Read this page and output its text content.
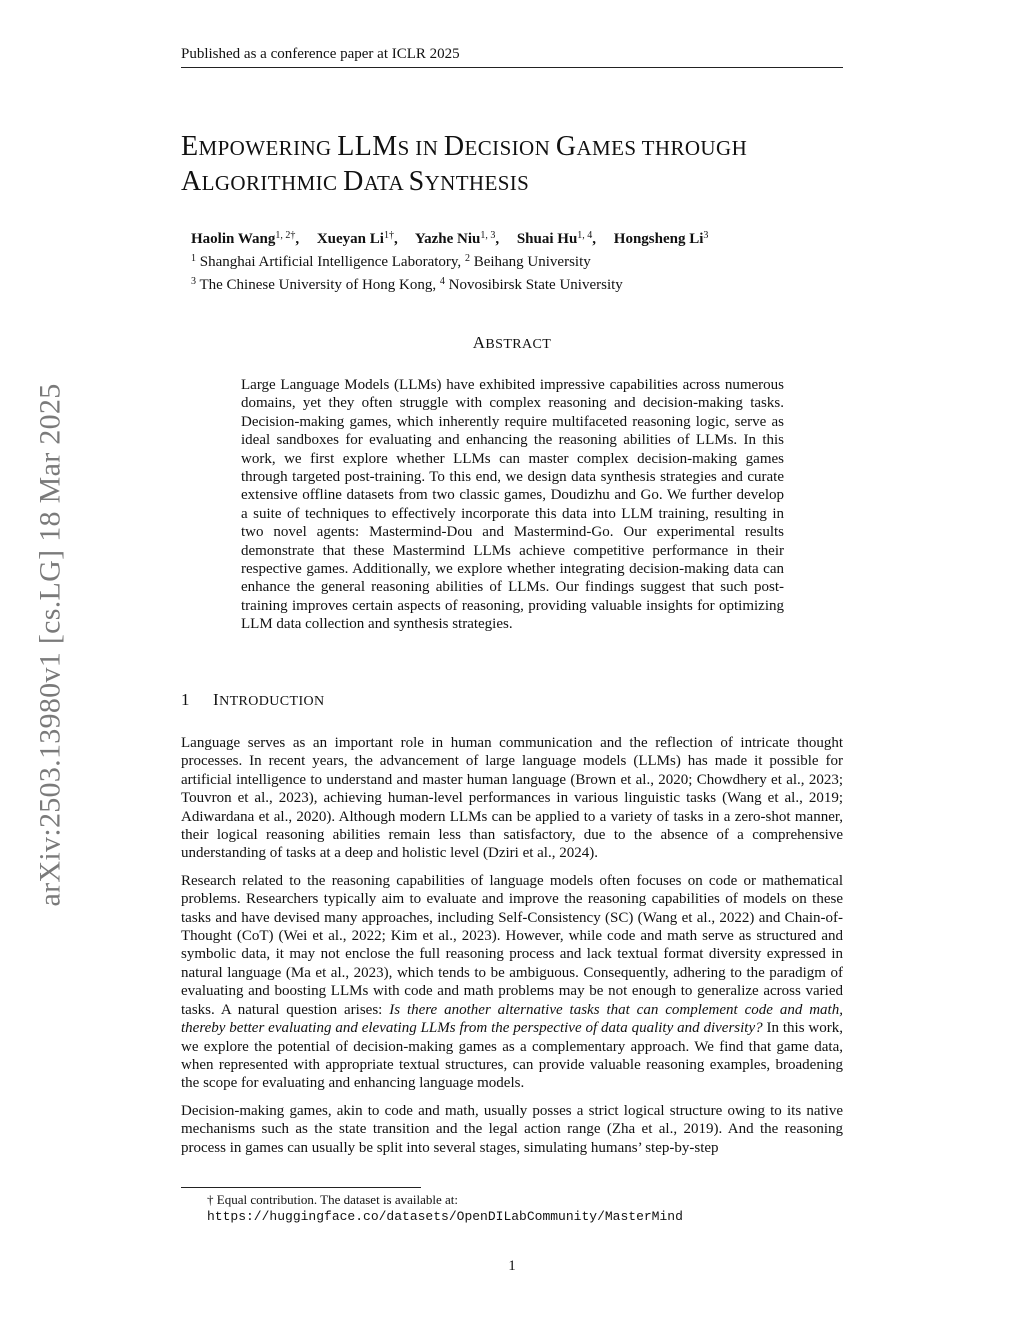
Published as a conference paper at ICLR 2025
arXiv:2503.13980v1 [cs.LG] 18 Mar 2025
EMPOWERING LLMS IN DECISION GAMES THROUGH
ALGORITHMIC DATA SYNTHESIS
Haolin Wang$^{1, 2\dagger}$, Xueyan $Li^{1\dagger}$, Yazhe Niu$^{1, 3}$, Shuai Hu$^{1, 4}$, Hongsheng Li$^3$
$^1$ Shanghai Artificial Intelligence Laboratory, $^2$ Beihang University
$^3$ The Chinese University of Hong Kong, $^4$ Novosibirsk State University
ABSTRACT
Large Language Models (LLMs) have exhibited impressive capabilities across numerous domains, yet they often struggle with complex reasoning and decision-making tasks. Decision-making games, which inherently require multifaceted reasoning logic, serve as ideal sandboxes for evaluating and enhancing the reasoning abilities of LLMs. In this work, we first explore whether LLMs can master complex decision-making games through targeted post-training. To this end, we design data synthesis strategies and curate extensive offline datasets from two classic games, Doudizhu and Go. We further develop a suite of techniques to effectively incorporate this data into LLM training, resulting in two novel agents: Mastermind-Dou and Mastermind-Go. Our experimental results demonstrate that these Mastermind LLMs achieve competitive performance in their respective games. Additionally, we explore whether integrating decision-making data can enhance the general reasoning abilities of LLMs. Our findings suggest that such post-training improves certain aspects of reasoning, providing valuable insights for optimizing LLM data collection and synthesis strategies.
1 INTRODUCTION

Language serves as an important role in human communication and the reflection of intricate thought processes. In recent years, the advancement of large language models (LLMs) has made it possible for artificial intelligence to understand and master human language (Brown et al., 2020; Chowdhery et al., 2023; Touvron et al., 2023), achieving human-level performances in various linguistic tasks (Wang et al., 2019; Adiwardana et al., 2020). Although modern LLMs can be applied to a variety of tasks in a zero-shot manner, their logical reasoning abilities remain less than satisfactory, due to the absence of a comprehensive understanding of tasks at a deep and holistic level (Dziri et al., 2024).

Research related to the reasoning capabilities of language models often focuses on code or mathematical problems. Researchers typically aim to evaluate and improve the reasoning capabilities of models on these tasks and have devised many approaches, including Self-Consistency (SC) (Wang et al., 2022) and Chain-of-Thought (CoT) (Wei et al., 2022; Kim et al., 2023). However, while code and math serve as structured and symbolic data, it may not enclose the full reasoning process and lack textual format diversity expressed in natural language (Ma et al., 2023), which tends to be ambiguous. Consequently, adhering to the paradigm of evaluating and boosting LLMs with code and math problems may be not enough to generalize across varied tasks. A natural question arises: Is there another alternative tasks that can complement code and math, thereby better evaluating and elevating LLMs from the perspective of data quality and diversity? In this work, we explore the potential of decision-making games as a complementary approach. We find that game data, when represented with appropriate textual structures, can provide valuable reasoning examples, broadening the scope for evaluating and enhancing language models.

Decision-making games, akin to code and math, usually posses a strict logical structure owing to its native mechanisms such as the state transition and the legal action range (Zha et al., 2019). And the reasoning process in games can usually be split into several stages, simulating humans’ step-by-step

† Equal contribution. The dataset is available at:
https://huggingface.co/datasets/OpenDILabCommunity/MasterMind
1
